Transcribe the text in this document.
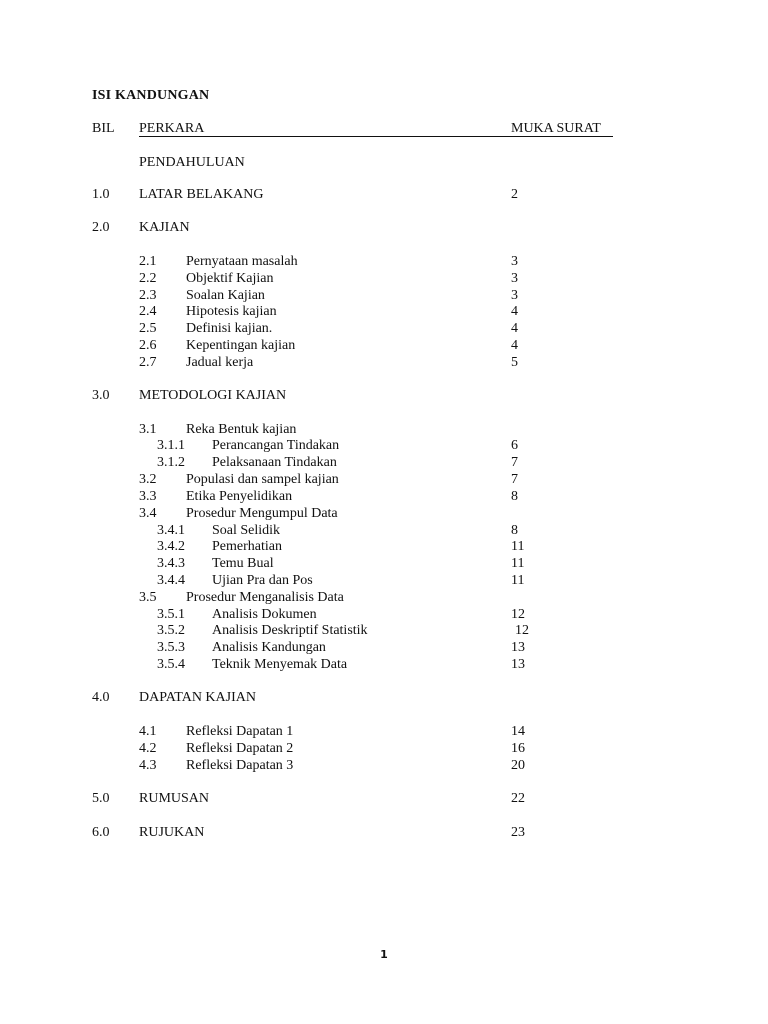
ISI KANDUNGAN
BIL PERKARA	MUKA SURAT
PENDAHULUAN
1.0 LATAR BELAKANG	2
2.0 KAJIAN
2.1 Pernyataan masalah	3
2.2 Objektif Kajian	3
2.3 Soalan Kajian	3
2.4 Hipotesis kajian	4
2.5 Definisi kajian.	4
2.6 Kepentingan kajian	4
2.7 Jadual kerja	5
3.0 METODOLOGI KAJIAN
3.1 Reka Bentuk kajian
3.1.1 Perancangan Tindakan	6
3.1.2 Pelaksanaan Tindakan	7
3.2 Populasi dan sampel kajian	7
3.3 Etika Penyelidikan	8
3.4 Prosedur Mengumpul Data
3.4.1 Soal Selidik	8
3.4.2 Pemerhatian	11
3.4.3 Temu Bual	11
3.4.4 Ujian Pra dan Pos	11
3.5 Prosedur Menganalisis Data
3.5.1 Analisis Dokumen	12
3.5.2 Analisis Deskriptif Statistik	12
3.5.3 Analisis Kandungan	13
3.5.4 Teknik Menyemak Data	13
4.0 DAPATAN KAJIAN
4.1 Refleksi Dapatan 1	14
4.2 Refleksi Dapatan 2	16
4.3 Refleksi Dapatan 3	20
5.0 RUMUSAN	22
6.0 RUJUKAN	23
1
